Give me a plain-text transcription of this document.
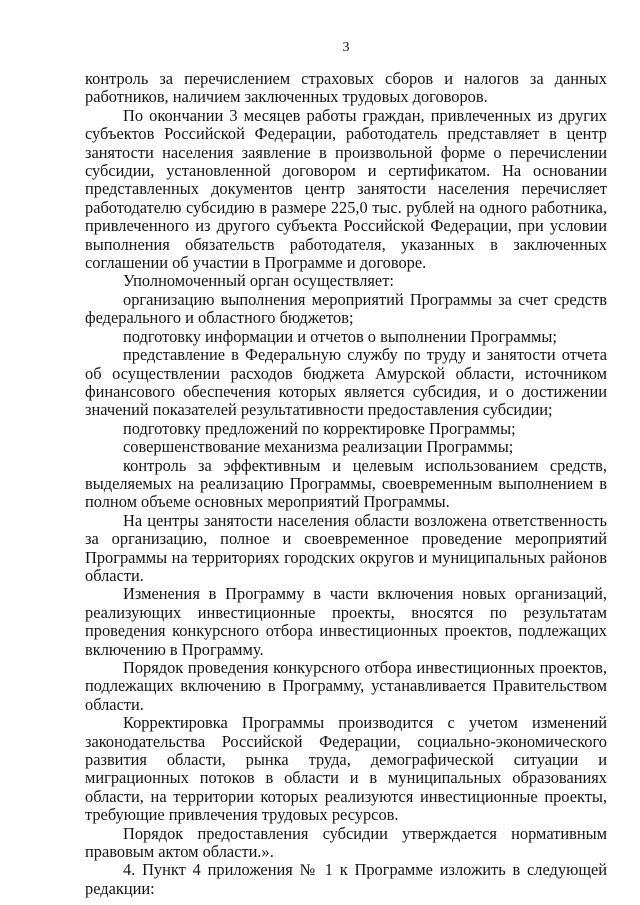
3

контроль за перечислением страховых сборов и налогов за данных работников, наличием заключенных трудовых договоров.

По окончании 3 месяцев работы граждан, привлеченных из других субъектов Российской Федерации, работодатель представляет в центр занятости населения заявление в произвольной форме о перечислении субсидии, установленной договором и сертификатом. На основании представленных документов центр занятости населения перечисляет работодателю субсидию в размере 225,0 тыс. рублей на одного работника, привлеченного из другого субъекта Российской Федерации, при условии выполнения обязательств работодателя, указанных в заключенных соглашении об участии в Программе и договоре.

Уполномоченный орган осуществляет:

организацию выполнения мероприятий Программы за счет средств федерального и областного бюджетов;

подготовку информации и отчетов о выполнении Программы;

представление в Федеральную службу по труду и занятости отчета об осуществлении расходов бюджета Амурской области, источником финансового обеспечения которых является субсидия, и о достижении значений показателей результативности предоставления субсидии;

подготовку предложений по корректировке Программы;

совершенствование механизма реализации Программы;

контроль за эффективным и целевым использованием средств, выделяемых на реализацию Программы, своевременным выполнением в полном объеме основных мероприятий Программы.

На центры занятости населения области возложена ответственность за организацию, полное и своевременное проведение мероприятий Программы на территориях городских округов и муниципальных районов области.

Изменения в Программу в части включения новых организаций, реализующих инвестиционные проекты, вносятся по результатам проведения конкурсного отбора инвестиционных проектов, подлежащих включению в Программу.

Порядок проведения конкурсного отбора инвестиционных проектов, подлежащих включению в Программу, устанавливается Правительством области.

Корректировка Программы производится с учетом изменений законодательства Российской Федерации, социально-экономического развития области, рынка труда, демографической ситуации и миграционных потоков в области и в муниципальных образованиях области, на территории которых реализуются инвестиционные проекты, требующие привлечения трудовых ресурсов.

Порядок предоставления субсидии утверждается нормативным правовым актом области.».

4. Пункт 4 приложения № 1 к Программе изложить в следующей редакции:
